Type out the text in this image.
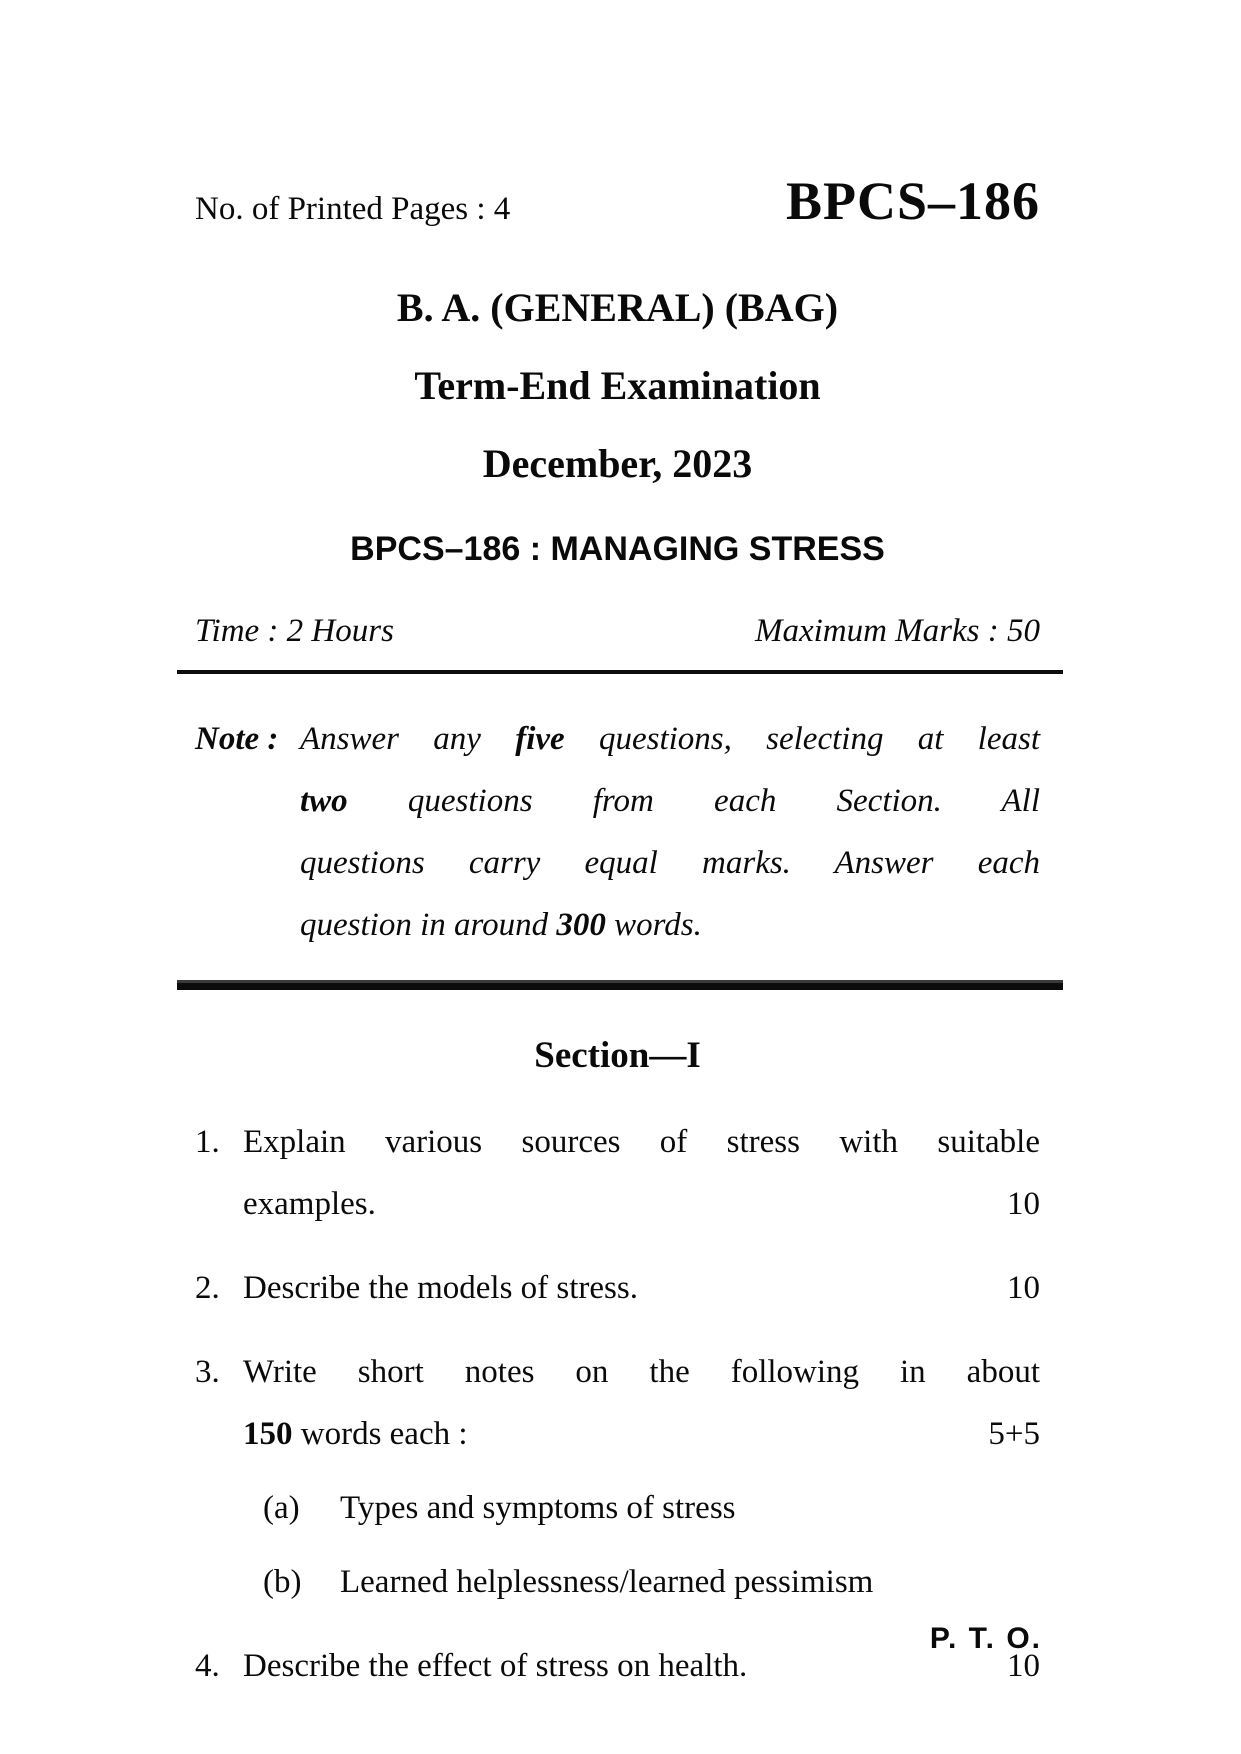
No. of Printed Pages : 4	BPCS–186
B. A. (GENERAL) (BAG)
Term-End Examination
December, 2023
BPCS–186 : MANAGING STRESS
Time : 2 Hours	Maximum Marks : 50
Note : Answer any five questions, selecting at least
two questions from each Section. All
questions carry equal marks. Answer each
question in around 300 words.
Section—I
1. Explain various sources of stress with suitable
examples.	10
2. Describe the models of stress.	10
3. Write short notes on the following in about
150 words each :	5+5
(a)	Types and symptoms of stress
(b)	Learned helplessness/learned pessimism
4. Describe the effect of stress on health.	10
P. T. O.
